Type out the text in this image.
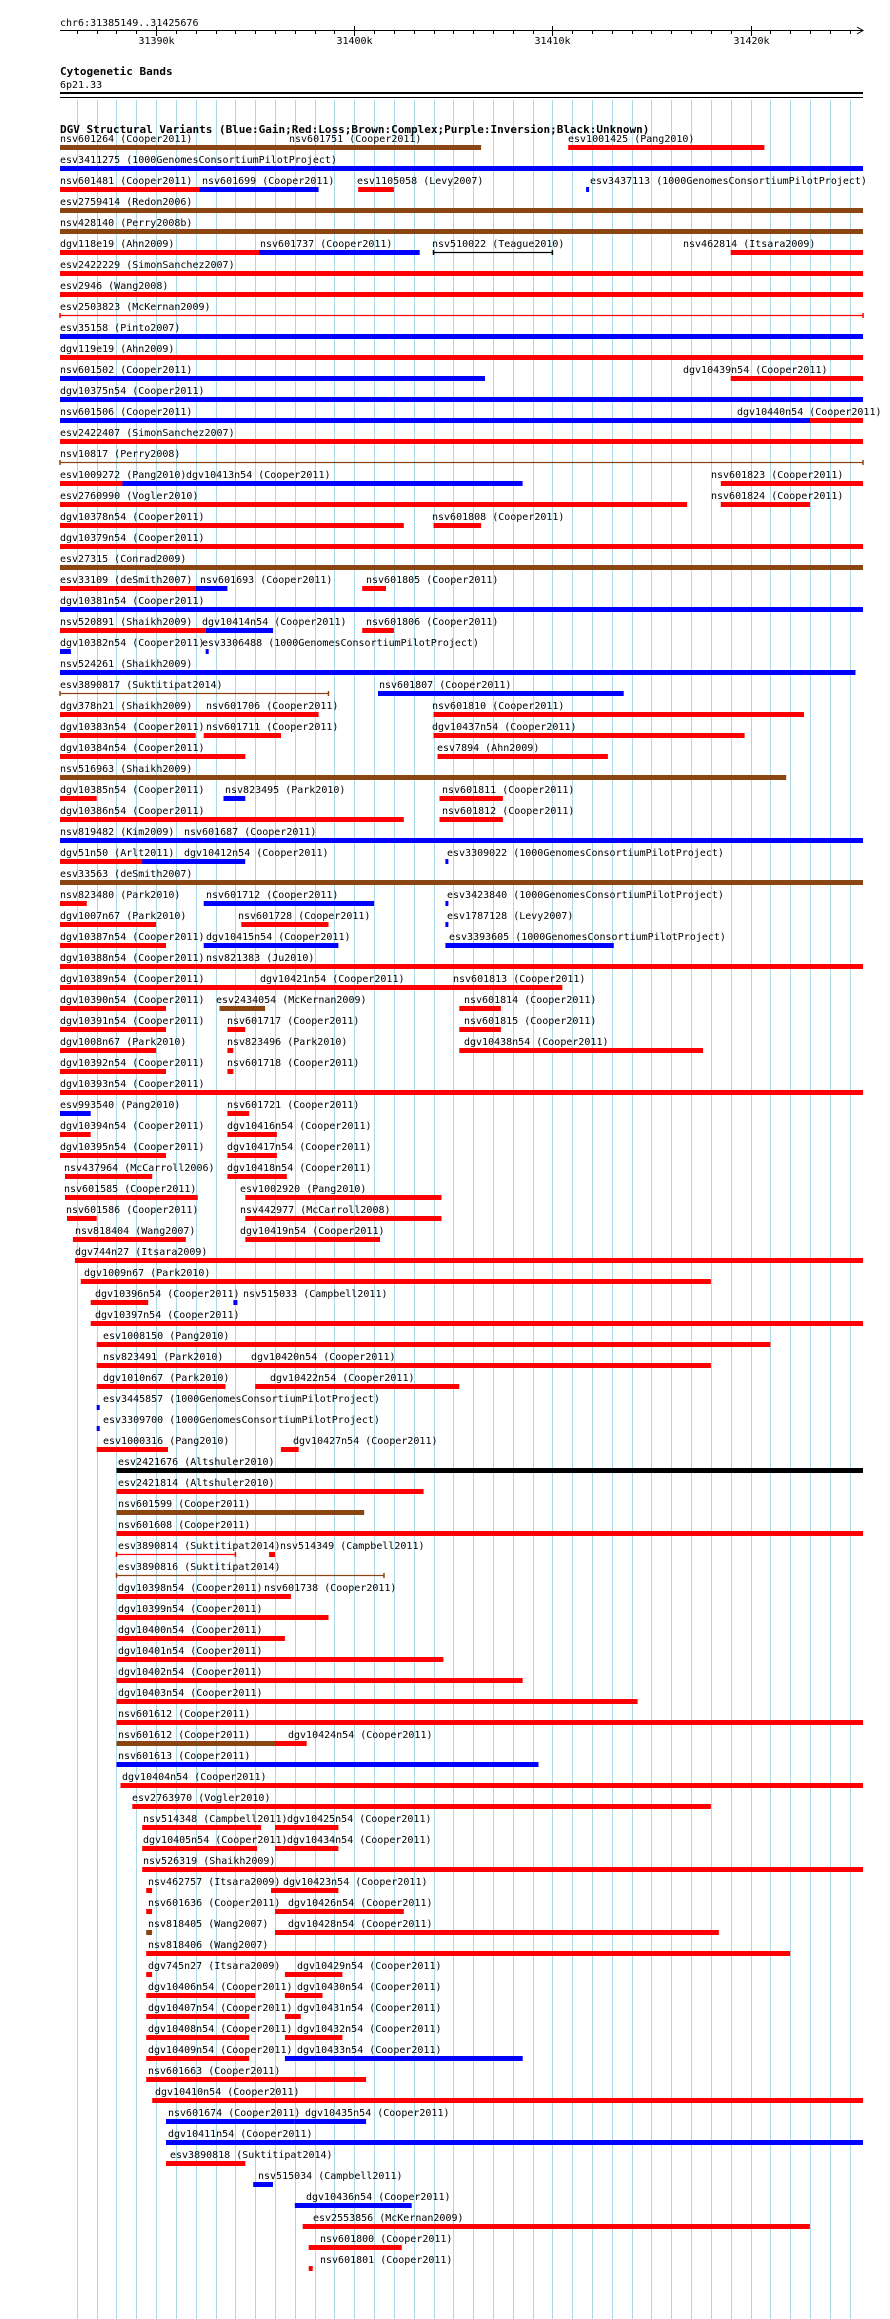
chr6:31385149..31425676
31390k	31400k	31410k	31420k
Cytogenetic Bands
6p21.33
DGV Structural Variants (Blue:Gain;Red:Loss;Brown:Complex;Purple:Inversion;Black:Unknown)
nsv601264 (Cooper2011)	nsv601751 (Cooper2011)	esv1001425 (Pang2010)
esv3411275 (1000GenomesConsortiumPilotProject)
nsv601481 (Cooper2011) nsv601699 (Cooper2011) esv1105058 (Levy2007)	esv3437113 (1000GenomesConsortiumPilotProject)
esv2759414 (Redon2006)
nsv428140 (Perry2008b)
dgv118e19 (Ahn2009)	nsv601737 (Cooper2011)	nsv510022 (Teague2010)	nsv462814 (Itsara2009)
esv2422229 (SimonSanchez2007)
esv2946 (Wang2008)
esv2503823 (McKernan2009)
esv35158 (Pinto2007)
dgv119e19 (Ahn2009)
nsv601502 (Cooper2011)	dgv10439n54 (Cooper2011)
dgv10375n54 (Cooper2011)
nsv601506 (Cooper2011)	dgv10440n54 (Cooper2011)
esv2422407 (SimonSanchez2007)
nsv10817 (Perry2008)
esv1009272 (Pang2010) dgv10413n54 (Cooper2011)	nsv601823 (Cooper2011)
esv2760990 (Vogler2010)	nsv601824 (Cooper2011)
dgv10378n54 (Cooper2011)	nsv601808 (Cooper2011)
dgv10379n54 (Cooper2011)
esv27315 (Conrad2009)
esv33109 (deSmith2007) nsv601693 (Cooper2011)	nsv601805 (Cooper2011)
dgv10381n54 (Cooper2011)
nsv520891 (Shaikh2009) dgv10414n54 (Cooper2011) nsv601806 (Cooper2011)
dgv10382n54 (Cooper2011)
esv3306488 (1000GenomesConsortiumPilotProject)
nsv524261 (Shaikh2009)
esv3890817 (Suktitipat2014)	nsv601807 (Cooper2011)
dgv378n21 (Shaikh2009) nsv601706 (Cooper2011)	nsv601810 (Cooper2011)
dgv10383n54 (Cooper2011) nsv601711 (Cooper2011)	dgv10437n54 (Cooper2011)
dgv10384n54 (Cooper2011)	esv7894 (Ahn2009)
nsv516963 (Shaikh2009)
dgv10385n54 (Cooper2011) nsv823495 (Park2010)	nsv601811 (Cooper2011)
dgv10386n54 (Cooper2011)	nsv601812 (Cooper2011)
nsv819482 (Kim2009) nsv601687 (Cooper2011)
dgv51n50 (Arlt2011) dgv10412n54 (Cooper2011)	esv3309022 (1000GenomesConsortiumPilotProject)
esv33563 (deSmith2007)
nsv823480 (Park2010)	nsv601712 (Cooper2011)	esv3423840 (1000GenomesConsortiumPilotProject)
dgv1007n67 (Park2010)	nsv601728 (Cooper2011)	esv1787128 (Levy2007)
dgv10387n54 (Cooper2011) dgv10415n54 (Cooper2011)	esv3393605 (1000GenomesConsortiumPilotProject)
dgv10388n54 (Cooper2011) nsv821383 (Ju2010)
dgv10389n54 (Cooper2011)	dgv10421n54 (Cooper2011)	nsv601813 (Cooper2011)
dgv10390n54 (Cooper2011) esv2434054 (McKernan2009)	nsv601814 (Cooper2011)
dgv10391n54 (Cooper2011) nsv601717 (Cooper2011)	nsv601815 (Cooper2011)
dgv1008n67 (Park2010)	nsv823496 (Park2010)	dgv10438n54 (Cooper2011)
dgv10392n54 (Cooper2011) nsv601718 (Cooper2011)
dgv10393n54 (Cooper2011)
esv993540 (Pang2010)	nsv601721 (Cooper2011)
dgv10394n54 (Cooper2011) dgv10416n54 (Cooper2011)
dgv10395n54 (Cooper2011) dgv10417n54 (Cooper2011)
nsv437964 (McCarroll2006) dgv10418n54 (Cooper2011)
nsv601585 (Cooper2011)	esv1002920 (Pang2010)
nsv601586 (Cooper2011)	nsv442977 (McCarroll2008)
nsv818404 (Wang2007)	dgv10419n54 (Cooper2011)
dgv744n27 (Itsara2009)
dgv1009n67 (Park2010)
dgv10396n54 (Cooper2011) nsv515033 (Campbell2011)
dgv10397n54 (Cooper2011)
esv1008150 (Pang2010)
nsv823491 (Park2010)	dgv10420n54 (Cooper2011)
dgv1010n67 (Park2010)	dgv10422n54 (Cooper2011)
esv3445857 (1000GenomesConsortiumPilotProject)
esv3309700 (1000GenomesConsortiumPilotProject)
esv1000316 (Pang2010)	dgv10427n54 (Cooper2011)
esv2421676 (Altshuler2010)
esv2421814 (Altshuler2010)
nsv601599 (Cooper2011)
nsv601608 (Cooper2011)
esv3890814 (Suktitipat2014) nsv514349 (Campbell2011)
esv3890816 (Suktitipat2014)
dgv10398n54 (Cooper2011) nsv601738 (Cooper2011)
dgv10399n54 (Cooper2011)
dgv10400n54 (Cooper2011)
dgv10401n54 (Cooper2011)
dgv10402n54 (Cooper2011)
dgv10403n54 (Cooper2011)
nsv601612 (Cooper2011)
nsv601612 (Cooper2011)	dgv10424n54 (Cooper2011)
nsv601613 (Cooper2011)
dgv10404n54 (Cooper2011)
esv2763970 (Vogler2010)
nsv514348 (Campbell2011) dgv10425n54 (Cooper2011)
dgv10405n54 (Cooper2011) dgv10434n54 (Cooper2011)
nsv526319 (Shaikh2009)
nsv462757 (Itsara2009) dgv10423n54 (Cooper2011)
nsv601636 (Cooper2011) dgv10426n54 (Cooper2011)
nsv818405 (Wang2007) dgv10428n54 (Cooper2011)
nsv818406 (Wang2007)
dgv745n27 (Itsara2009) dgv10429n54 (Cooper2011)
dgv10406n54 (Cooper2011) dgv10430n54 (Cooper2011)
dgv10407n54 (Cooper2011) dgv10431n54 (Cooper2011)
dgv10408n54 (Cooper2011) dgv10432n54 (Cooper2011)
dgv10409n54 (Cooper2011) dgv10433n54 (Cooper2011)
nsv601663 (Cooper2011)
dgv10410n54 (Cooper2011)
nsv601674 (Cooper2011) dgv10435n54 (Cooper2011)
dgv10411n54 (Cooper2011)
esv3890818 (Suktitipat2014)
nsv515034 (Campbell2011)
dgv10436n54 (Cooper2011)
esv2553856 (McKernan2009)
nsv601800 (Cooper2011)
nsv601801 (Cooper2011)
